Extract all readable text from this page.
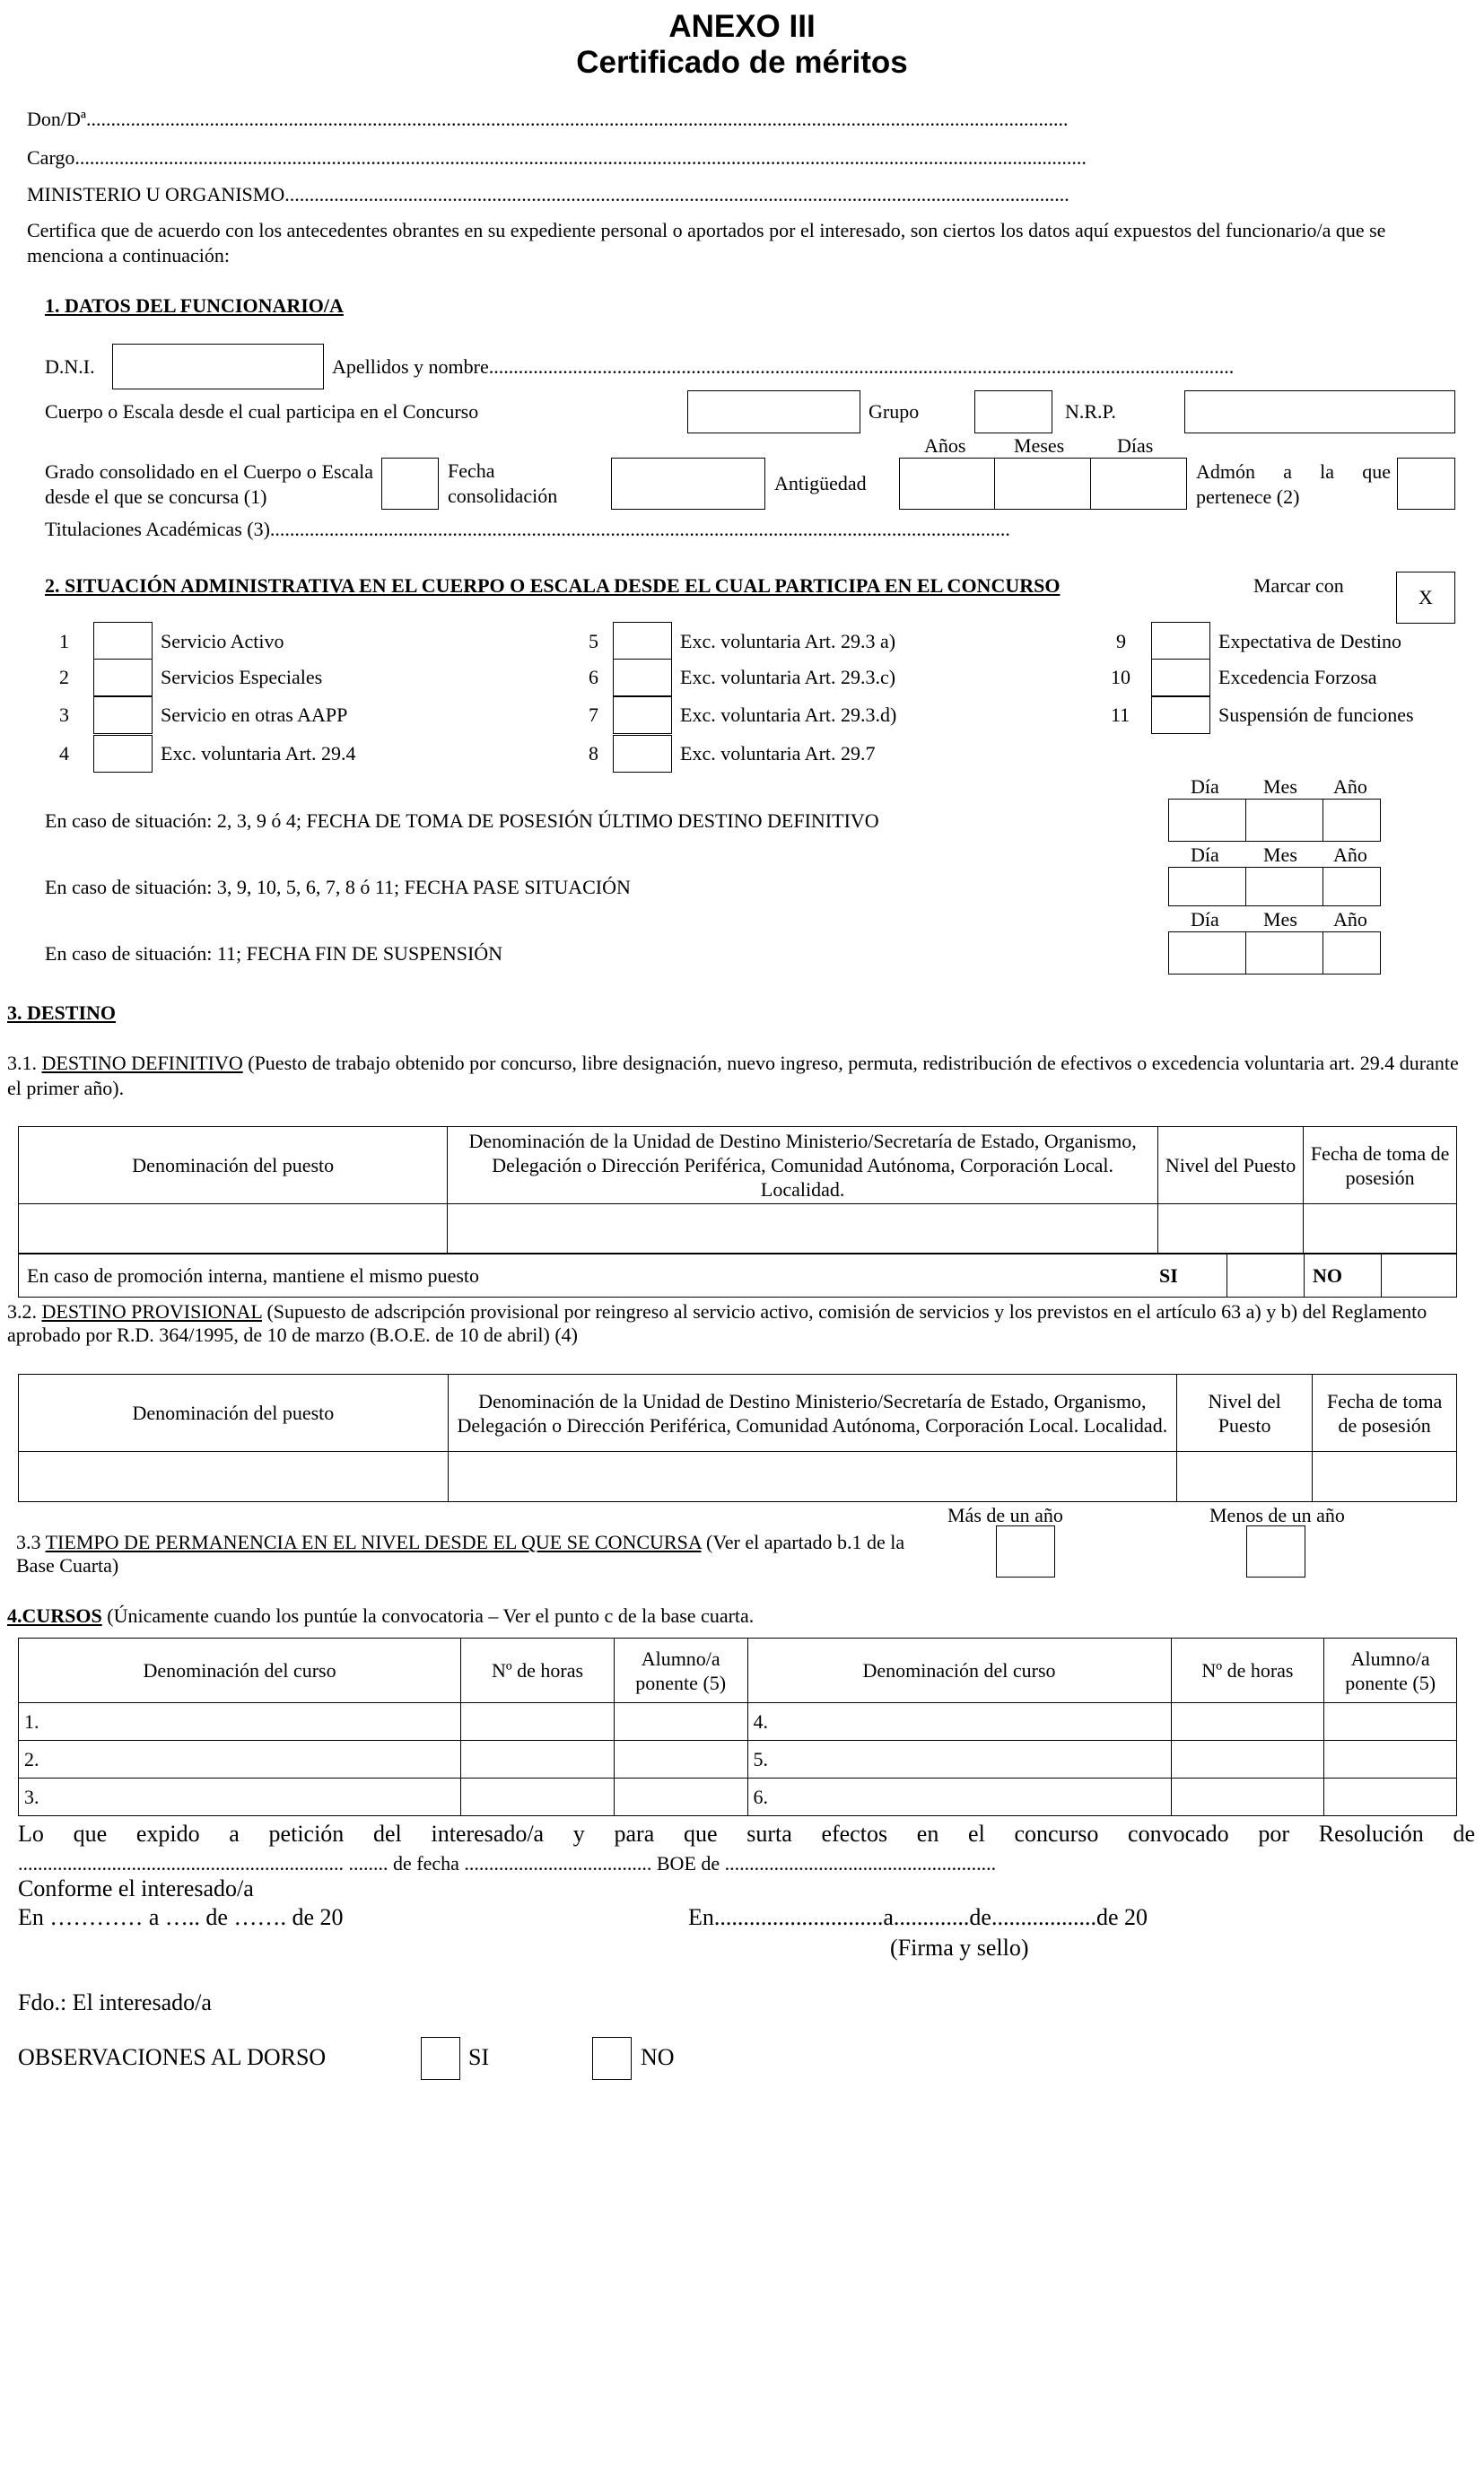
ANEXO III
Certificado de méritos
Don/Dª.......................................................................................................................................................................................................
Cargo.............................................................................................................................................................................................................
MINISTERIO U ORGANISMO...............................................................................................................................................................
Certifica que de acuerdo con los antecedentes obrantes en su expediente personal o aportados por el interesado, son ciertos los datos aquí expuestos del funcionario/a que se menciona a continuación:
1. DATOS DEL FUNCIONARIO/A
D.N.I.	Apellidos y nombre.......................................................................................................................................................
Cuerpo o Escala desde el cual participa en el Concurso	Grupo	N.R.P.
Años Meses	Días
Grado consolidado en el Cuerpo o Escala desde el que se concursa (1)
Fecha
consolidación
Antigüedad
Admón a la que pertenece (2)
Titulaciones Académicas (3)......................................................................................................................................................
2. SITUACIÓN ADMINISTRATIVA EN EL CUERPO O ESCALA DESDE EL CUAL PARTICIPA EN EL CONCURSO	Marcar con
X
1	Servicio Activo
2	Servicios Especiales
3	Servicio en otras AAPP
4	Exc. voluntaria Art. 29.4
5	Exc. voluntaria Art. 29.3 a)
6	Exc. voluntaria Art. 29.3.c)
7	Exc. voluntaria Art. 29.3.d)
8	Exc. voluntaria Art. 29.7
9	Expectativa de Destino
10	Excedencia Forzosa
11	Suspensión de funciones
Día Mes Año
En caso de situación: 2, 3, 9 ó 4; FECHA DE TOMA DE POSESIÓN ÚLTIMO DESTINO DEFINITIVO
Día Mes Año
En caso de situación: 3, 9, 10, 5, 6, 7, 8 ó 11; FECHA PASE SITUACIÓN
Día Mes Año
En caso de situación: 11; FECHA FIN DE SUSPENSIÓN
3. DESTINO
3.1. DESTINO DEFINITIVO (Puesto de trabajo obtenido por concurso, libre designación, nuevo ingreso, permuta, redistribución de efectivos o excedencia voluntaria art. 29.4 durante el primer año).
Denominación del puesto	Denominación de la Unidad de Destino Ministerio/Secretaría de Estado, Organismo, Delegación o Dirección Periférica, Comunidad Autónoma, Corporación Local. Localidad.	Nivel del Puesto	Fecha de toma de posesión

En caso de promoción interna, mantiene el mismo puesto	SI	NO
3.2. DESTINO PROVISIONAL (Supuesto de adscripción provisional por reingreso al servicio activo, comisión de servicios y los previstos en el artículo 63 a) y b) del Reglamento aprobado por R.D. 364/1995, de 10 de marzo (B.O.E. de 10 de abril) (4)
Denominación del puesto	Denominación de la Unidad de Destino Ministerio/Secretaría de Estado, Organismo, Delegación o Dirección Periférica, Comunidad Autónoma, Corporación Local. Localidad.	Nivel del Puesto	Fecha de toma de posesión

Más de un año	Menos de un año
3.3 TIEMPO DE PERMANENCIA EN EL NIVEL DESDE EL QUE SE CONCURSA (Ver el apartado b.1 de la Base Cuarta)
4.CURSOS (Únicamente cuando los puntúe la convocatoria – Ver el punto c de la base cuarta.
Denominación del curso	Nº de horas	Alumno/a ponente (5)	Denominación del curso	Nº de horas	Alumno/a ponente (5)
1.			4.		
2.			5.		
3.			6.		
Lo que expido a petición del interesado/a y para que surta efectos en el concurso convocado por Resolución de
.................................................................. ........ de fecha ...................................... BOE de .......................................................
Conforme el interesado/a
En ………… a ….. de ……. de 20	En.............................a.............de..................de 20
(Firma y sello)
Fdo.: El interesado/a
OBSERVACIONES AL DORSO	SI	NO
